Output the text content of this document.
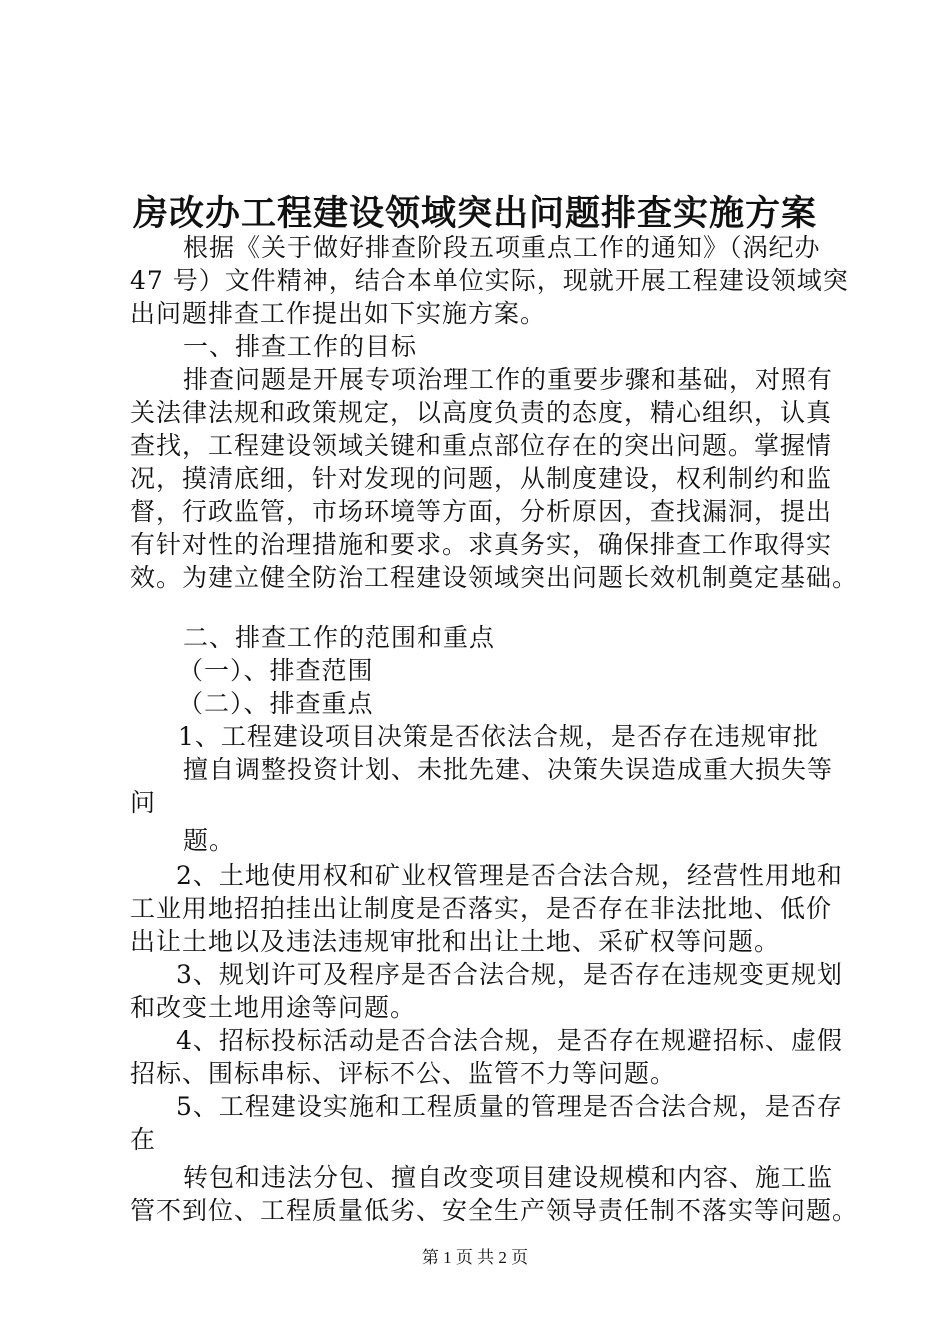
房改办工程建设领域突出问题排查实施方案
根据《关于做好排查阶段五项重点工作的通知》（涡纪办
47 号）文件精神，结合本单位实际，现就开展工程建设领域突
出问题排查工作提出如下实施方案。
一、排查工作的目标
排查问题是开展专项治理工作的重要步骤和基础，对照有
关法律法规和政策规定，以高度负责的态度，精心组织，认真
查找，工程建设领域关键和重点部位存在的突出问题。掌握情
况，摸清底细，针对发现的问题，从制度建设，权利制约和监
督，行政监管，市场环境等方面，分析原因，查找漏洞，提出
有针对性的治理措施和要求。求真务实，确保排查工作取得实
效。为建立健全防治工程建设领域突出问题长效机制奠定基础。
二、排查工作的范围和重点
（一）、排查范围
（二）、排查重点
1、工程建设项目决策是否依法合规，是否存在违规审批
擅自调整投资计划、未批先建、决策失误造成重大损失等
问
题。
2、土地使用权和矿业权管理是否合法合规，经营性用地和
工业用地招拍挂出让制度是否落实，是否存在非法批地、低价
出让土地以及违法违规审批和出让土地、采矿权等问题。
3、规划许可及程序是否合法合规，是否存在违规变更规划
和改变土地用途等问题。
4、招标投标活动是否合法合规，是否存在规避招标、虚假
招标、围标串标、评标不公、监管不力等问题。
5、工程建设实施和工程质量的管理是否合法合规，是否存
在
转包和违法分包、擅自改变项目建设规模和内容、施工监
管不到位、工程质量低劣、安全生产领导责任制不落实等问题。
第 1 页 共 2 页
